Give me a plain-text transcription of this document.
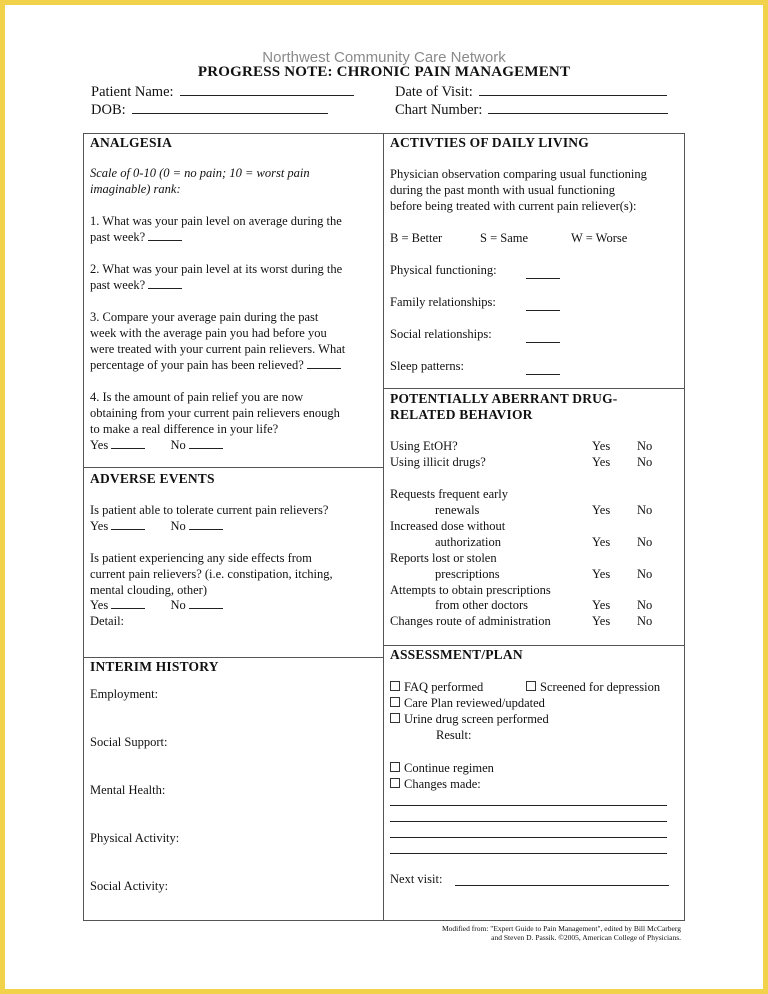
Northwest Community Care Network
PROGRESS NOTE: CHRONIC PAIN MANAGEMENT
Patient Name:
DOB:
Date of Visit:
Chart Number:
ANALGESIA
Scale of 0-10 (0 = no pain; 10 = worst pain
imaginable) rank:
1. What was your pain level on average during the
past week?
2. What was your pain level at its worst during the
past week?
3. Compare your average pain during the past
week with the average pain you had before you
were treated with your current pain relievers. What
percentage of your pain has been relieved?
4. Is the amount of pain relief you are now
obtaining from your current pain relievers enough
to make a real difference in your life?
Yes	No
ADVERSE EVENTS
Is patient able to tolerate current pain relievers?
Yes	No
Is patient experiencing any side effects from
current pain relievers? (i.e. constipation, itching,
mental clouding, other)
Yes	No
Detail:
INTERIM HISTORY
Employment:
Social Support:
Mental Health:
Physical Activity:
Social Activity:
ACTIVTIES OF DAILY LIVING
Physician observation comparing usual functioning
during the past month with usual functioning
before being treated with current pain reliever(s):
B = Better	S = Same	W = Worse
Physical functioning:
Family relationships:
Social relationships:
Sleep patterns:
POTENTIALLY ABERRANT DRUG-
RELATED BEHAVIOR
Using EtOH?	Yes No
Using illicit drugs?	Yes No
Requests frequent early
renewals	Yes No
Increased dose without
authorization	Yes No
Reports lost or stolen
prescriptions	Yes No
Attempts to obtain prescriptions
from other doctors	Yes No
Changes route of administration	Yes No
ASSESSMENT/PLAN
FAQ performed	Screened for depression
Care Plan reviewed/updated
Urine drug screen performed
Result:
Continue regimen
Changes made:
Next visit:
Modified from: "Expert Guide to Pain Management", edited by Bill McCarberg
and Steven D. Passik. ©2005, American College of Physicians.
